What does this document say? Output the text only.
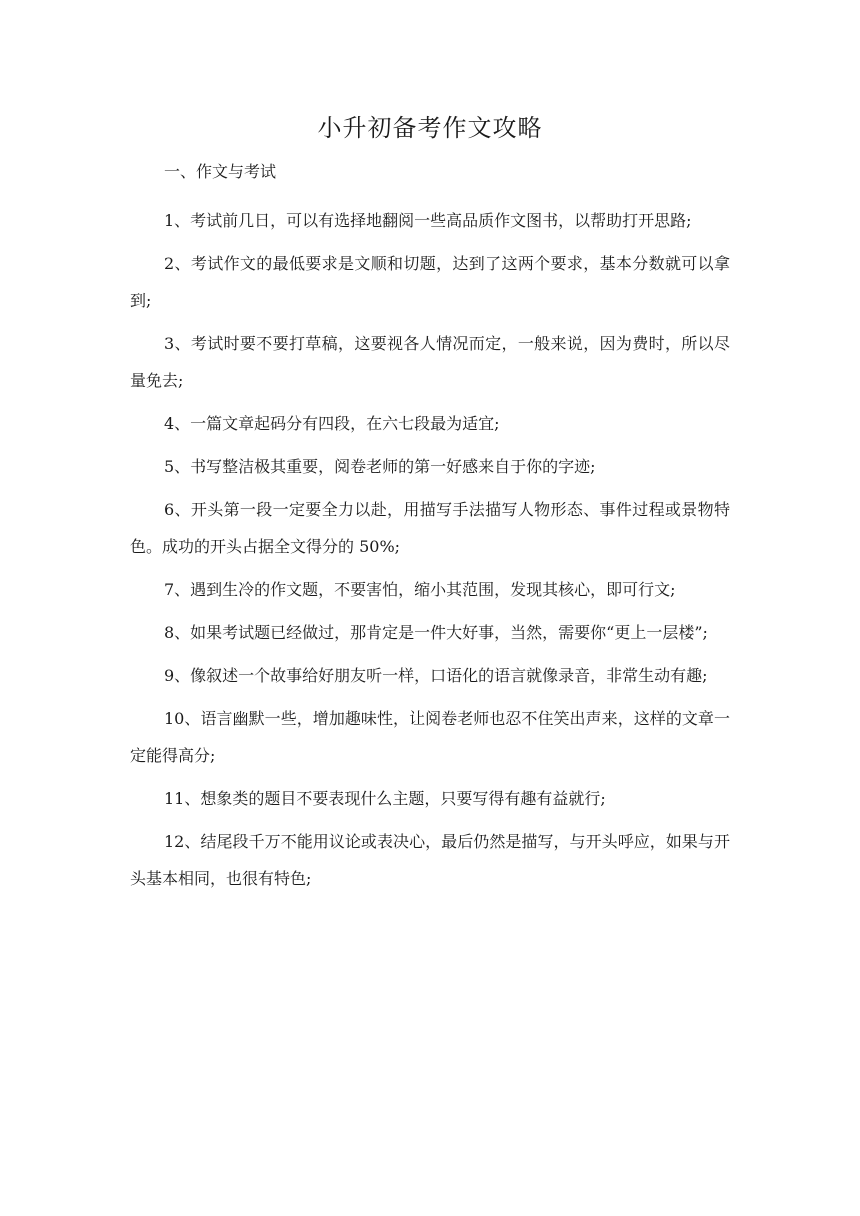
小升初备考作文攻略
一、作文与考试
1、考试前几日，可以有选择地翻阅一些高品质作文图书，以帮助打开思路;
2、考试作文的最低要求是文顺和切题，达到了这两个要求，基本分数就可以拿到;
3、考试时要不要打草稿，这要视各人情况而定，一般来说，因为费时，所以尽量免去;
4、一篇文章起码分有四段，在六七段最为适宜;
5、书写整洁极其重要，阅卷老师的第一好感来自于你的字迹;
6、开头第一段一定要全力以赴，用描写手法描写人物形态、事件过程或景物特色。成功的开头占据全文得分的 50%;
7、遇到生冷的作文题，不要害怕，缩小其范围，发现其核心，即可行文;
8、如果考试题已经做过，那肯定是一件大好事，当然，需要你“更上一层楼”;
9、像叙述一个故事给好朋友听一样，口语化的语言就像录音，非常生动有趣;
10、语言幽默一些，增加趣味性，让阅卷老师也忍不住笑出声来，这样的文章一定能得高分;
11、想象类的题目不要表现什么主题，只要写得有趣有益就行;
12、结尾段千万不能用议论或表决心，最后仍然是描写，与开头呼应，如果与开头基本相同，也很有特色;
